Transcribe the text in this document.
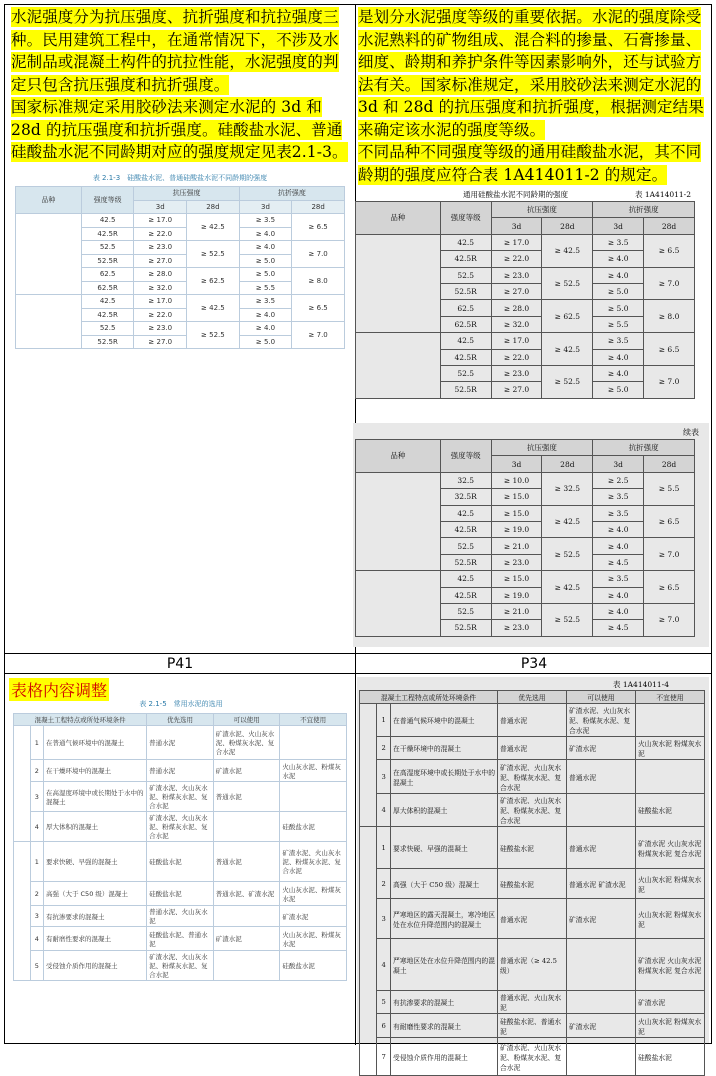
水泥强度分为抗压强度、抗折强度和抗拉强度三种。民用建筑工程中，在通常情况下，不涉及水泥制品或混凝土构件的抗拉性能，水泥强度的判定只包含抗压强度和抗折强度。
国家标准规定采用胶砂法来测定水泥的 3d 和 28d 的抗压强度和抗折强度。硅酸盐水泥、普通硅酸盐水泥不同龄期对应的强度规定见表2.1-3。
是划分水泥强度等级的重要依据。水泥的强度除受水泥熟料的矿物组成、混合料的掺量、石膏掺量、细度、龄期和养护条件等因素影响外，还与试验方法有关。国家标准规定，采用胶砂法来测定水泥的 3d 和 28d 的抗压强度和抗折强度，根据测定结果来确定该水泥的强度等级。
不同品种不同强度等级的通用硅酸盐水泥，其不同龄期的强度应符合表 1A414011-2 的规定。
表 2.1-3　硅酸盐水泥、普通硅酸盐水泥不同龄期的强度
品种	强度等级	抗压强度		抗折强度	
		3d	28d	3d	28d
	42.5	≥ 17.0	≥ 42.5	≥ 3.5	≥ 6.5
	42.5R	≥ 22.0		≥ 4.0	
	52.5	≥ 23.0	≥ 52.5	≥ 4.0	≥ 7.0
	52.5R	≥ 27.0		≥ 5.0	
	62.5	≥ 28.0	≥ 62.5	≥ 5.0	≥ 8.0
	62.5R	≥ 32.0		≥ 5.5	
	42.5	≥ 17.0	≥ 42.5	≥ 3.5	≥ 6.5
	42.5R	≥ 22.0		≥ 4.0	
	52.5	≥ 23.0	≥ 52.5	≥ 4.0	≥ 7.0
	52.5R	≥ 27.0		≥ 5.0	
通用硅酸盐水泥不同龄期的强度	表 1A414011-2
品种	强度等级	抗压强度		抗折强度	
		3d	28d	3d	28d
	42.5	≥ 17.0	≥ 42.5	≥ 3.5	≥ 6.5
	42.5R	≥ 22.0		≥ 4.0	
	52.5	≥ 23.0	≥ 52.5	≥ 4.0	≥ 7.0
	52.5R	≥ 27.0		≥ 5.0	
	62.5	≥ 28.0	≥ 62.5	≥ 5.0	≥ 8.0
	62.5R	≥ 32.0		≥ 5.5	
	42.5	≥ 17.0	≥ 42.5	≥ 3.5	≥ 6.5
	42.5R	≥ 22.0		≥ 4.0	
	52.5	≥ 23.0	≥ 52.5	≥ 4.0	≥ 7.0
	52.5R	≥ 27.0		≥ 5.0	
续表
品种	强度等级	抗压强度		抗折强度	
		3d	28d	3d	28d
	32.5	≥ 10.0	≥ 32.5	≥ 2.5	≥ 5.5
	32.5R	≥ 15.0		≥ 3.5	
	42.5	≥ 15.0	≥ 42.5	≥ 3.5	≥ 6.5
	42.5R	≥ 19.0		≥ 4.0	
	52.5	≥ 21.0	≥ 52.5	≥ 4.0	≥ 7.0
	52.5R	≥ 23.0		≥ 4.5	
	42.5	≥ 15.0	≥ 42.5	≥ 3.5	≥ 6.5
	42.5R	≥ 19.0		≥ 4.0	
	52.5	≥ 21.0	≥ 52.5	≥ 4.0	≥ 7.0
	52.5R	≥ 23.0		≥ 4.5	
P41	P34
表格内容调整
表 2.1-5　常用水泥的选用
混凝土工程特点或所处环境条件			优先选用	可以使用	不宜使用
	1	在普通气候环境中的混凝土	普通水泥	矿渣水泥、火山灰水泥、粉煤灰水泥、复合水泥	
	2	在干燥环境中的混凝土	普通水泥	矿渣水泥	火山灰水泥、粉煤灰水泥
	3	在高湿度环境中或长期处于水中的混凝土	矿渣水泥、火山灰水泥、粉煤灰水泥、复合水泥	普通水泥	
	4	厚大体积的混凝土	矿渣水泥、火山灰水泥、粉煤灰水泥、复合水泥		硅酸盐水泥
	1	要求快硬、早强的混凝土	硅酸盐水泥	普通水泥	矿渣水泥、火山灰水泥、粉煤灰水泥、复合水泥
	2	高强（大于 C50 级）混凝土	硅酸盐水泥	普通水泥、矿渣水泥	火山灰水泥、粉煤灰水泥
	3	有抗渗要求的混凝土	普通水泥、火山灰水泥		矿渣水泥
	4	有耐磨性要求的混凝土	硅酸盐水泥、普通水泥	矿渣水泥	火山灰水泥、粉煤灰水泥
	5	受侵蚀介质作用的混凝土	矿渣水泥、火山灰水泥、粉煤灰水泥、复合水泥		硅酸盐水泥
表 1A414011-4
混凝土工程特点或所处环境条件			优先选用	可以使用	不宜使用
	1	在普通气候环境中的混凝土	普通水泥	矿渣水泥、火山灰水泥、粉煤灰水泥、复合水泥	
	2	在干燥环境中的混凝土	普通水泥	矿渣水泥	火山灰水泥 粉煤灰水泥
	3	在高湿度环境中或长期处于水中的混凝土	矿渣水泥、火山灰水泥、粉煤灰水泥、复合水泥	普通水泥	
	4	厚大体积的混凝土	矿渣水泥、火山灰水泥、粉煤灰水泥、复合水泥		硅酸盐水泥
	1	要求快硬、早强的混凝土	硅酸盐水泥	普通水泥	矿渣水泥 火山灰水泥 粉煤灰水泥 复合水泥
	2	高强（大于 C50 级）混凝土	硅酸盐水泥	普通水泥 矿渣水泥	火山灰水泥 粉煤灰水泥
	3	严寒地区的露天混凝土，寒冷地区处在水位升降范围内的混凝土	普通水泥	矿渣水泥	火山灰水泥 粉煤灰水泥
	4	严寒地区处在水位升降范围内的混凝土	普通水泥（≥ 42.5 级）		矿渣水泥 火山灰水泥 粉煤灰水泥 复合水泥
	5	有抗渗要求的混凝土	普通水泥、火山灰水泥		矿渣水泥
	6	有耐磨性要求的混凝土	硅酸盐水泥、普通水泥	矿渣水泥	火山灰水泥 粉煤灰水泥
	7	受侵蚀介质作用的混凝土	矿渣水泥、火山灰水泥、粉煤灰水泥、复合水泥		硅酸盐水泥
